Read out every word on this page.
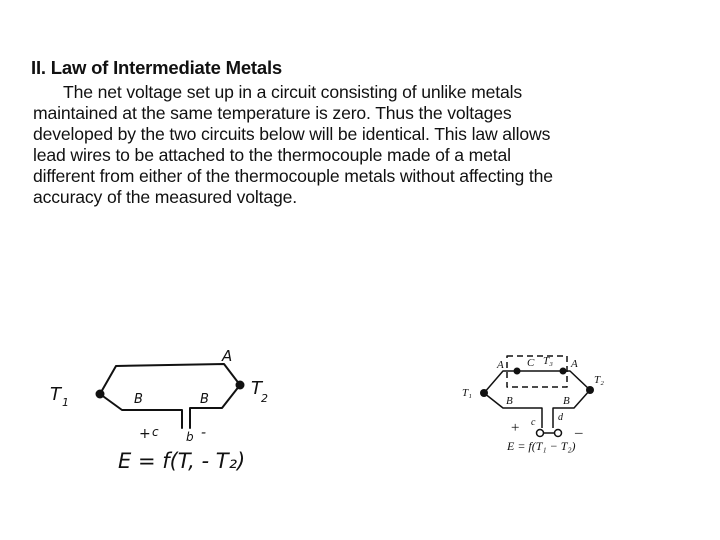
II. Law of Intermediate Metals
The net voltage set up in a circuit consisting of unlike metals
maintained at the same temperature is zero. Thus the voltages
developed by the two circuits below will be identical. This law allows
lead wires to be attached to the thermocouple made of a metal
different from either of the thermocouple metals without affecting the
accuracy of the measured voltage.
T 1
T 2
A
B	B
+ c b -
E = f(T, - T₂)
A C T₃ A
T₁
T₂
B	B
c d
+	–
E = f(T₁ − T₂)
